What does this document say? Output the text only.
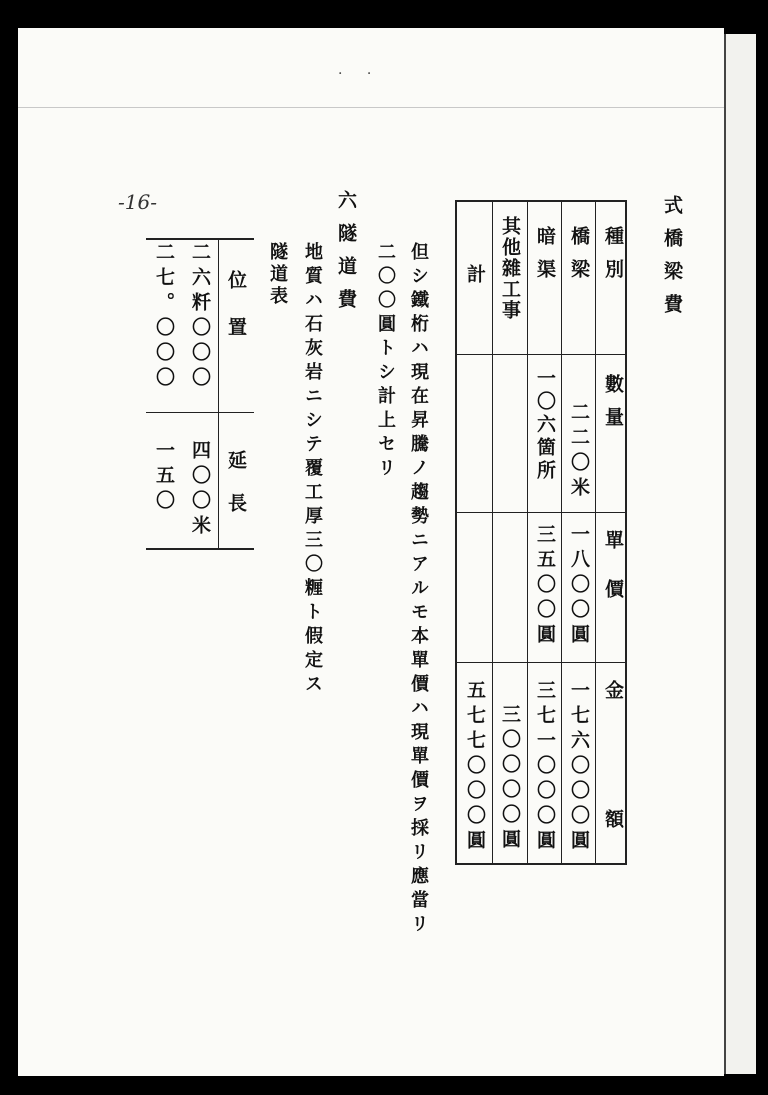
· ·
-16-	式橋梁費
種別
數量
單價
金額
橋梁
二二〇米
一八〇〇圓
一七六〇〇〇圓
暗渠
一〇六箇所
三五〇〇圓
三七一〇〇〇圓
其他雜工事
三〇〇〇〇圓
計
五七七〇〇〇圓
但シ鐵桁ハ現在昇騰ノ趨勢ニアルモ本單價ハ現單價ヲ採リ應當リ
二〇〇圓トシ計上セリ
六隧道費
地質ハ石灰岩ニシテ覆工厚三〇糎ト假定ス
隧道表
位置
延長
二六粁〇〇〇
四〇〇米
二七。〇〇〇
一五〇
